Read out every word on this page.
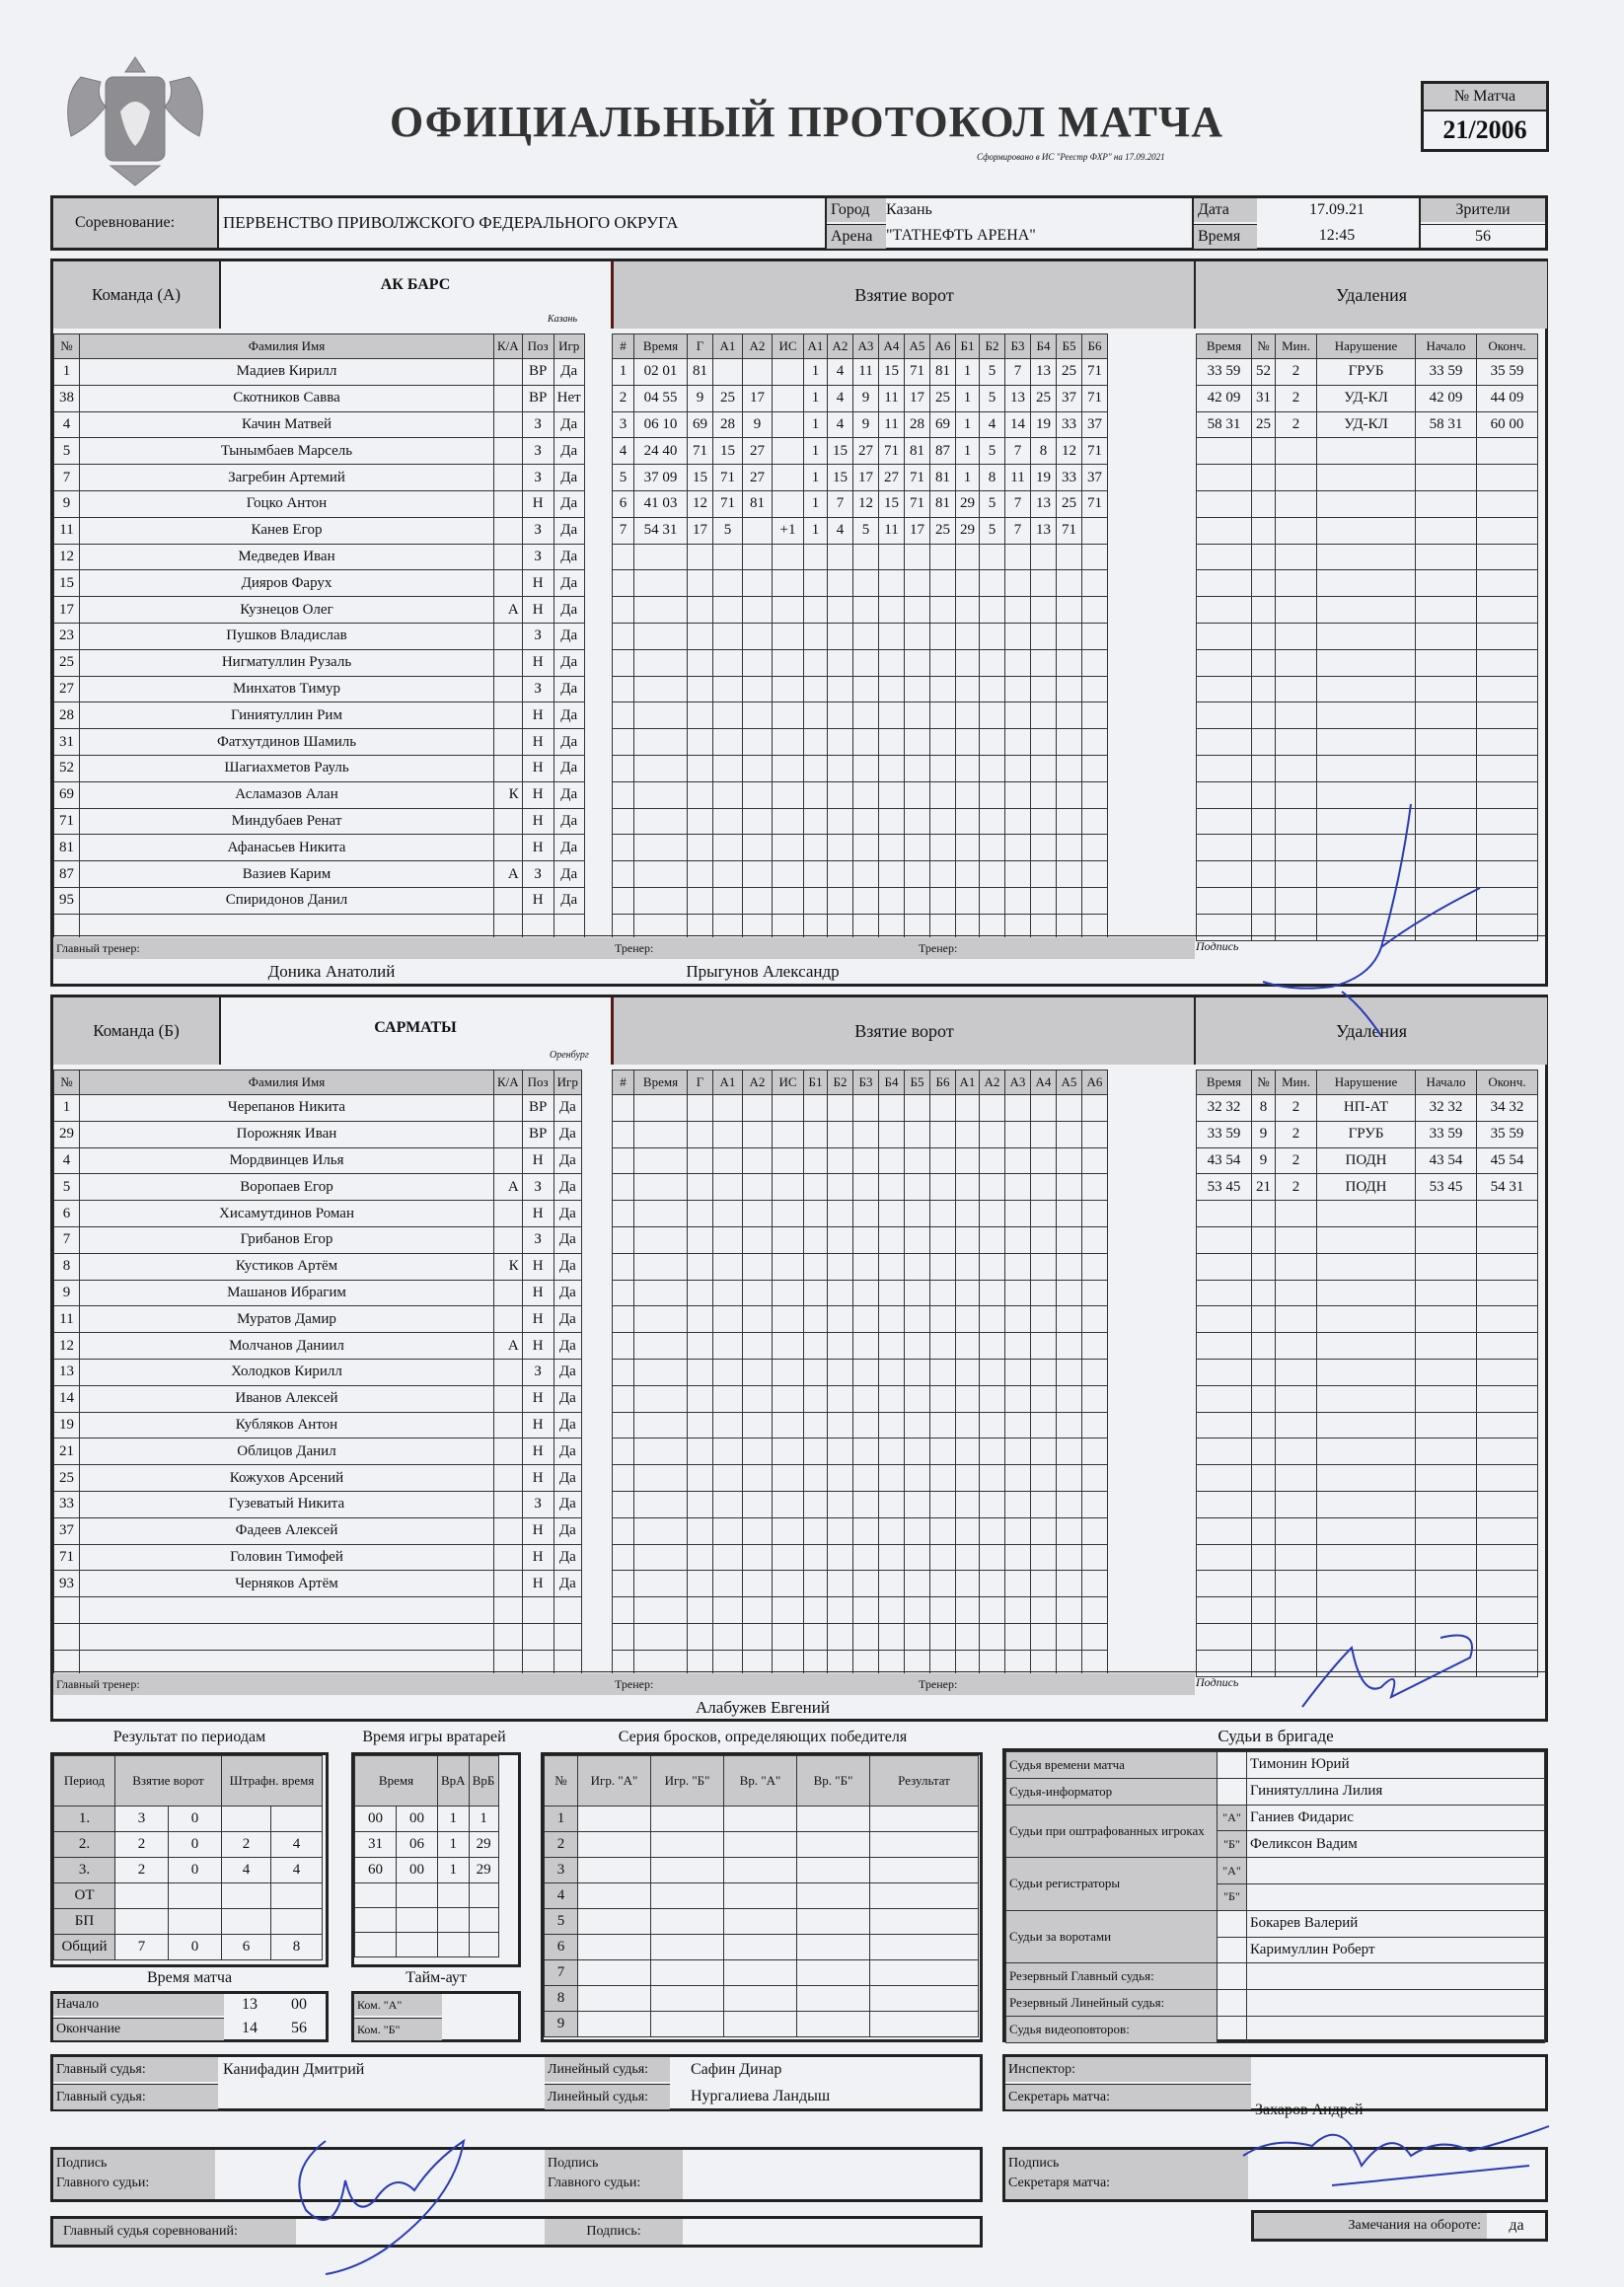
ОФИЦИАЛЬНЫЙ ПРОТОКОЛ МАТЧА
Сформировано в ИС "Реестр ФХР" на 17.09.2021
№ Матча
21/2006
Соревнование:	ПЕРВЕНСТВО ПРИВОЛЖСКОГО ФЕДЕРАЛЬНОГО ОКРУГА
Город	Казань
Арена "ТАТНЕФТЬ АРЕНА"
Дата	17.09.21
Время	12:45
Зрители
56
Команда (А)
АК БАРС
Казань
Взятие ворот	Удаления
№	Фамилия Имя	К/А	Поз	Игр
1	Мадиев Кирилл		ВР	Да
38	Скотников Савва		ВР	Нет
4	Качин Матвей		З	Да
5	Тынымбаев Марсель		З	Да
7	Загребин Артемий		З	Да
9	Гоцко Антон		Н	Да
11	Канев Егор		З	Да
12	Медведев Иван		З	Да
15	Дияров Фарух		Н	Да
17	Кузнецов Олег	А	Н	Да
23	Пушков Владислав		З	Да
25	Нигматуллин Рузаль		Н	Да
27	Минхатов Тимур		З	Да
28	Гиниятуллин Рим		Н	Да
31	Фатхутдинов Шамиль		Н	Да
52	Шагиахметов Рауль		Н	Да
69	Асламазов Алан	К	Н	Да
71	Миндубаев Ренат		Н	Да
81	Афанасьев Никита		Н	Да
87	Вазиев Карим	А	З	Да
95	Спиридонов Данил		Н	Да

#	Время	Г	А1	А2	ИС	А1	А2	А3	А4	А5	А6	Б1	Б2	Б3	Б4	Б5	Б6
1	02 01	81				1	4	11	15	71	81	1	5	7	13	25	71
2	04 55	9	25	17		1	4	9	11	17	25	1	5	13	25	37	71
3	06 10	69	28	9		1	4	9	11	28	69	1	4	14	19	33	37
4	24 40	71	15	27		1	15	27	71	81	87	1	5	7	8	12	71
5	37 09	15	71	27		1	15	17	27	71	81	1	8	11	19	33	37
6	41 03	12	71	81		1	7	12	15	71	81	29	5	7	13	25	71
7	54 31	17	5		+1	1	4	5	11	17	25	29	5	7	13	71	

Время	№	Мин.	Нарушение	Начало	Оконч.
33 59	52	2	ГРУБ	33 59	35 59
42 09	31	2	УД-КЛ	42 09	44 09
58 31	25	2	УД-КЛ	58 31	60 00

Главный тренер:
Доника Анатолий
Тренер:
Прыгунов Александр
Тренер:	Подпись
Команда (Б)	САРМАТЫ
Оренбург
Взятие ворот	Удаления
№	Фамилия Имя	К/А	Поз	Игр
1	Черепанов Никита		ВР	Да
29	Порожняк Иван		ВР	Да
4	Мордвинцев Илья		Н	Да
5	Воропаев Егор	А	З	Да
6	Хисамутдинов Роман		Н	Да
7	Грибанов Егор		З	Да
8	Кустиков Артём	К	Н	Да
9	Машанов Ибрагим		Н	Да
11	Муратов Дамир		Н	Да
12	Молчанов Даниил	А	Н	Да
13	Холодков Кирилл		З	Да
14	Иванов Алексей		Н	Да
19	Кубляков Антон		Н	Да
21	Облицов Данил		Н	Да
25	Кожухов Арсений		Н	Да
33	Гузеватый Никита		З	Да
37	Фадеев Алексей		Н	Да
71	Головин Тимофей		Н	Да
93	Черняков Артём		Н	Да

#	Время	Г	А1	А2	ИС	Б1	Б2	Б3	Б4	Б5	Б6	А1	А2	А3	А4	А5	А6

																		Время	№	Мин.	Нарушение	Начало	Оконч.
32 32	8	2	НП-АТ	32 32	34 32
33 59	9	2	ГРУБ	33 59	35 59
43 54	9	2	ПОДН	43 54	45 54
53 45	21	2	ПОДН	53 45	54 31

Главный тренер:	Тренер:
Алабужев Евгений
Тренер:	Подпись
Результат по периодам
Период	Взятие ворот		Штрафн. время	
1.	3	0		
2.	2	0	2	4
3.	2	0	4	4
ОТ				
БП				
Общий	7	0	6	8
Время игры вратарей
Время		ВрА	ВрБ
00	00	1	1
31	06	1	29
60	00	1	29

Время матча
Начало	13	00
Окончание	14	56
Тайм-аут
Ком. "А"
Ком. "Б"
Серия бросков, определяющих победителя
№	Игр. "А"	Игр. "Б"	Вр. "А"	Вр. "Б"	Результат
1					
2					
3					
4					
5					
6					
7					
8					
9					
Судьи в бригаде
Судья времени матча		Тимонин Юрий
Судья-информатор		Гиниятуллина Лилия
Судьи при оштрафованных игроках	"А"	Ганиев Фидарис
	"Б"	Феликсон Вадим
Судьи регистраторы	"А"	
	"Б"	
Судьи за воротами		Бокарев Валерий
		Каримуллин Роберт
Резервный Главный судья:		
Резервный Линейный судья:		
Судья видеоповторов:		
Главный судья:	Канифадин Дмитрий
Главный судья:
Линейный судья:	Сафин Динар
Линейный судья:	Нургалиева Ландыш
Инспектор:
Секретарь матча:
Захаров Андрей
Подпись
Главного судьи:
Подпись
Главного судьи:
Подпись
Секретаря матча:
Главный судья соревнований:	Подпись:	Замечания на обороте:	да
